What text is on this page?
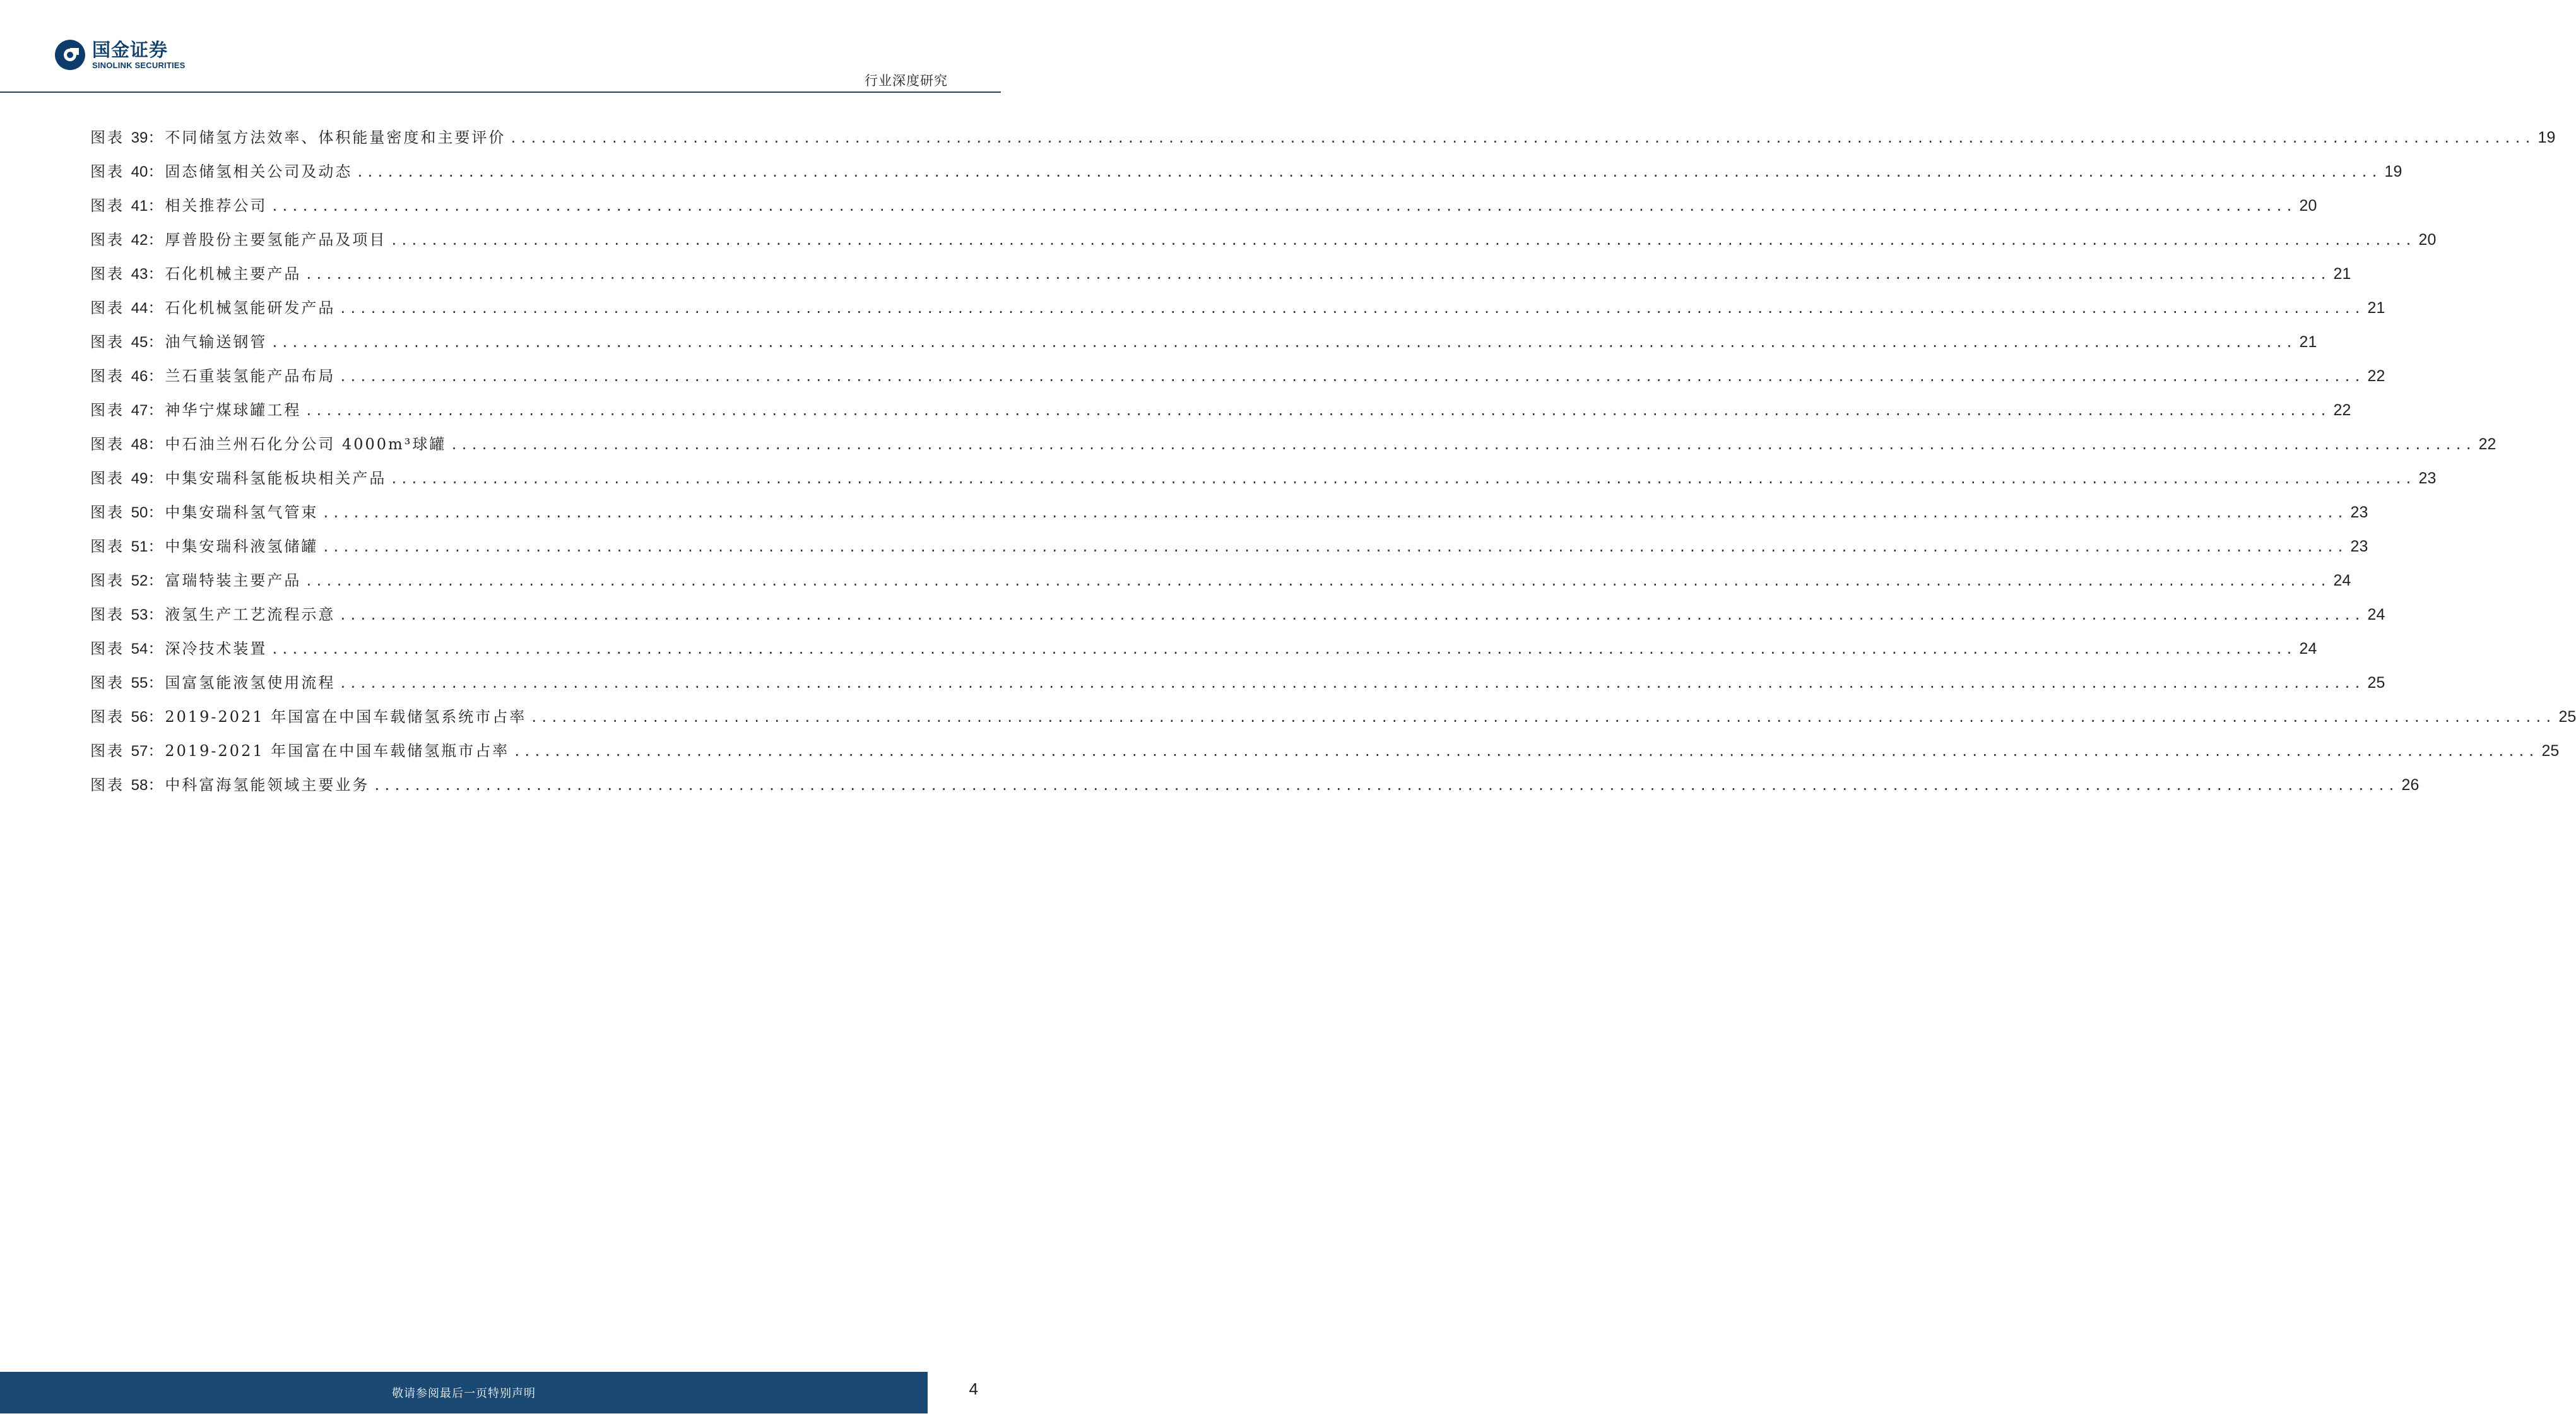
国金证券
SINOLINK SECURITIES
行业深度研究
图表 39： 不同储氢方法效率、体积能量密度和主要评价 ........................................................................................................................................................................................................ 19
图表 40： 固态储氢相关公司及动态 ........................................................................................................................................................................................................ 19
图表 41： 相关推荐公司 ........................................................................................................................................................................................................ 20
图表 42： 厚普股份主要氢能产品及项目 ........................................................................................................................................................................................................ 20
图表 43： 石化机械主要产品 ........................................................................................................................................................................................................ 21
图表 44： 石化机械氢能研发产品 ........................................................................................................................................................................................................ 21
图表 45： 油气输送钢管 ........................................................................................................................................................................................................ 21
图表 46： 兰石重装氢能产品布局 ........................................................................................................................................................................................................ 22
图表 47： 神华宁煤球罐工程 ........................................................................................................................................................................................................ 22
图表 48： 中石油兰州石化分公司 4000m³球罐 ........................................................................................................................................................................................................ 22
图表 49： 中集安瑞科氢能板块相关产品 ........................................................................................................................................................................................................ 23
图表 50： 中集安瑞科氢气管束 ........................................................................................................................................................................................................ 23
图表 51： 中集安瑞科液氢储罐 ........................................................................................................................................................................................................ 23
图表 52： 富瑞特装主要产品 ........................................................................................................................................................................................................ 24
图表 53： 液氢生产工艺流程示意 ........................................................................................................................................................................................................ 24
图表 54： 深冷技术装置 ........................................................................................................................................................................................................ 24
图表 55： 国富氢能液氢使用流程 ........................................................................................................................................................................................................ 25
图表 56： 2019-2021 年国富在中国车载储氢系统市占率 ........................................................................................................................................................................................................ 25
图表 57： 2019-2021 年国富在中国车载储氢瓶市占率 ........................................................................................................................................................................................................ 25
图表 58： 中科富海氢能领域主要业务 ........................................................................................................................................................................................................ 26
敬请参阅最后一页特别声明	4
